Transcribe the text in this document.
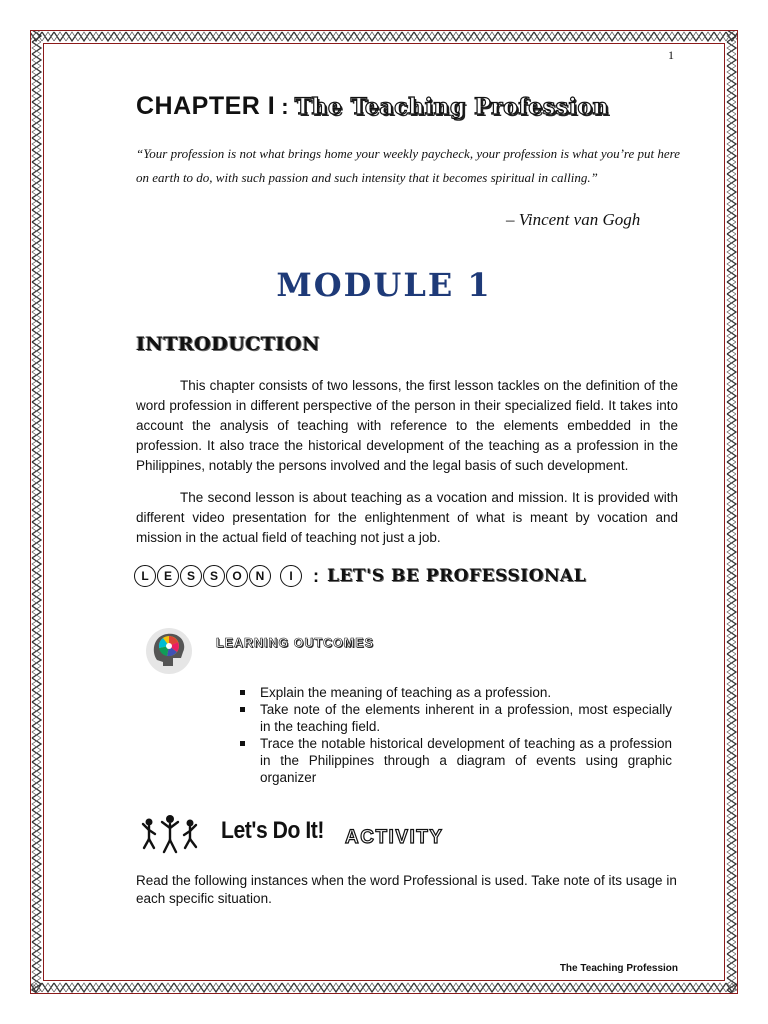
1
CHAPTER I : The Teaching Profession
“Your profession is not what brings home your weekly paycheck, your profession is what you’re put here on earth to do, with such passion and such intensity that it becomes spiritual in calling.”
– Vincent van Gogh
MODULE 1
INTRODUCTION
This chapter consists of two lessons, the first lesson tackles on the definition of the word profession in different perspective of the person in their specialized field. It takes into account the analysis of teaching with reference to the elements embedded in the profession. It also trace the historical development of the teaching as a profession in the Philippines, notably the persons involved and the legal basis of such development.
The second lesson is about teaching as a vocation and mission. It is provided with different video presentation for the enlightenment of what is meant by vocation and mission in the actual field of teaching not just a job.
L	E	S	S	O	N	I	: LET'S BE PROFESSIONAL
LEARNING OUTCOMES
Explain the meaning of teaching as a profession.
Take note of the elements inherent in a profession, most especially in the teaching field.
Trace the notable historical development of teaching as a profession in the Philippines through a diagram of events using graphic organizer
Let's Do It! ACTIVITY
Read the following instances when the word Professional is used. Take note of its usage in each specific situation.
The Teaching Profession
